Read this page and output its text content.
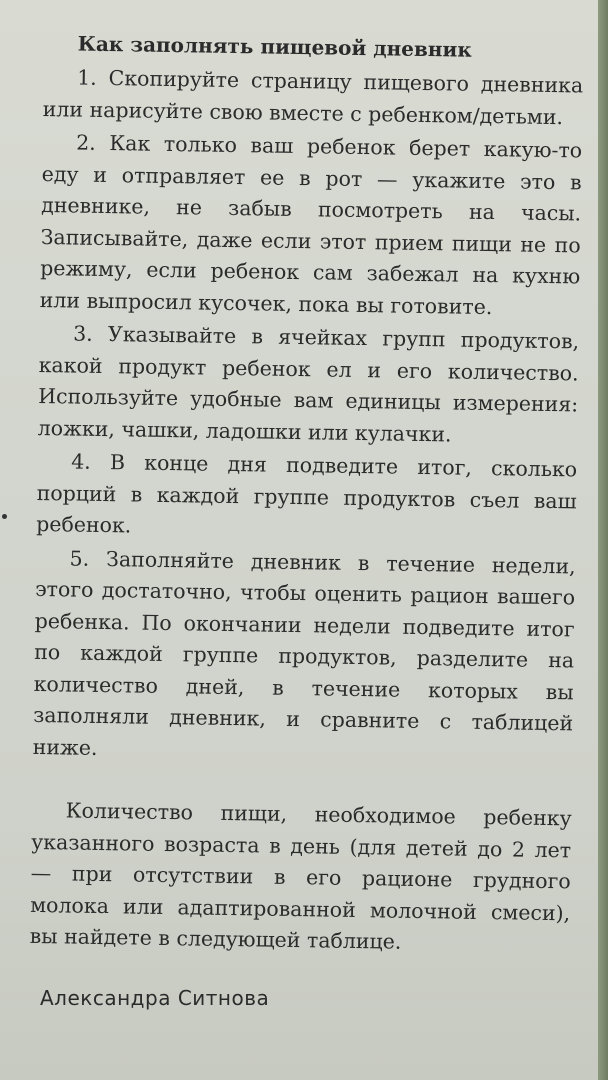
Как заполнять пищевой дневник

1. Скопируйте страницу пищевого дневника или нарисуйте свою вместе с ребенком/детьми.

2. Как только ваш ребенок берет какую-то еду и отправляет ее в рот — укажите это в дневнике, не забыв посмотреть на часы. Записывайте, даже если этот прием пищи не по режиму, если ребенок сам забежал на кухню или выпросил кусочек, пока вы готовите.

3. Указывайте в ячейках групп продуктов, какой продукт ребенок ел и его количество. Используйте удобные вам единицы измерения: ложки, чашки, ладошки или кулачки.

4. В конце дня подведите итог, сколько порций в каждой группе продуктов съел ваш ребенок.

5. Заполняйте дневник в течение недели, этого достаточно, чтобы оценить рацион вашего ребенка. По окончании недели подведите итог по каждой группе продуктов, разделите на количество дней, в течение которых вы заполняли дневник, и сравните с таблицей ниже.

Количество пищи, необходимое ребенку указанного возраста в день (для детей до 2 лет — при отсутствии в его рационе грудного молока или адаптированной молочной смеси), вы найдете в следующей таблице.

Александра Ситнова
